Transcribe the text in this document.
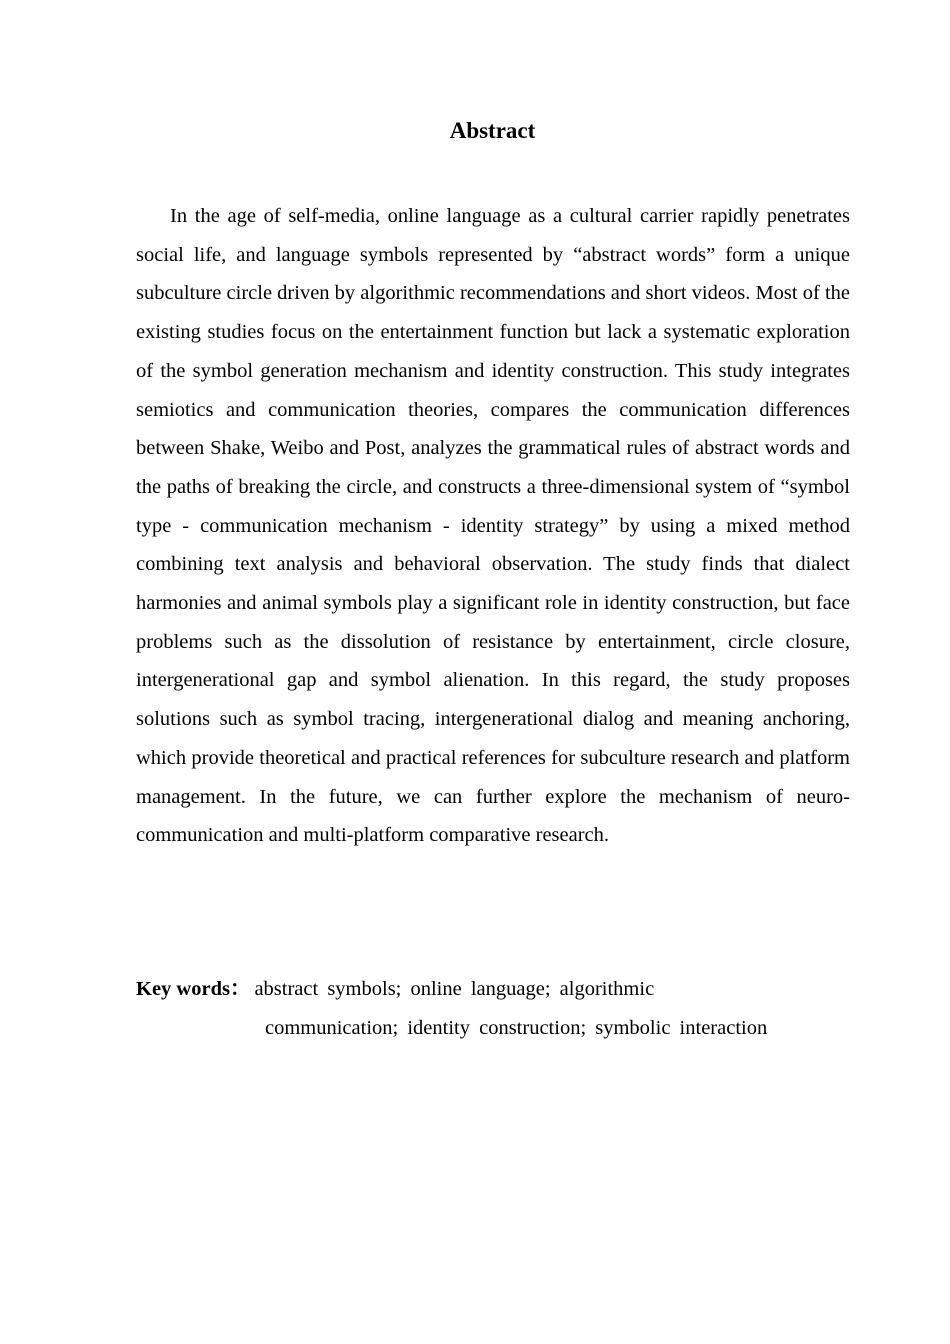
Abstract

In the age of self-media, online language as a cultural carrier rapidly penetrates social life, and language symbols represented by “abstract words” form a unique subculture circle driven by algorithmic recommendations and short videos. Most of the existing studies focus on the entertainment function but lack a systematic exploration of the symbol generation mechanism and identity construction. This study integrates semiotics and communication theories, compares the communication differences between Shake, Weibo and Post, analyzes the grammatical rules of abstract words and the paths of breaking the circle, and constructs a three-dimensional system of “symbol type - communication mechanism - identity strategy” by using a mixed method combining text analysis and behavioral observation. The study finds that dialect harmonies and animal symbols play a significant role in identity construction, but face problems such as the dissolution of resistance by entertainment, circle closure, intergenerational gap and symbol alienation. In this regard, the study proposes solutions such as symbol tracing, intergenerational dialog and meaning anchoring, which provide theoretical and practical references for subculture research and platform management. In the future, we can further explore the mechanism of neuro-communication and multi-platform comparative research.

Key words ： abstract symbols; online language; algorithmic
communication; identity construction; symbolic interaction
